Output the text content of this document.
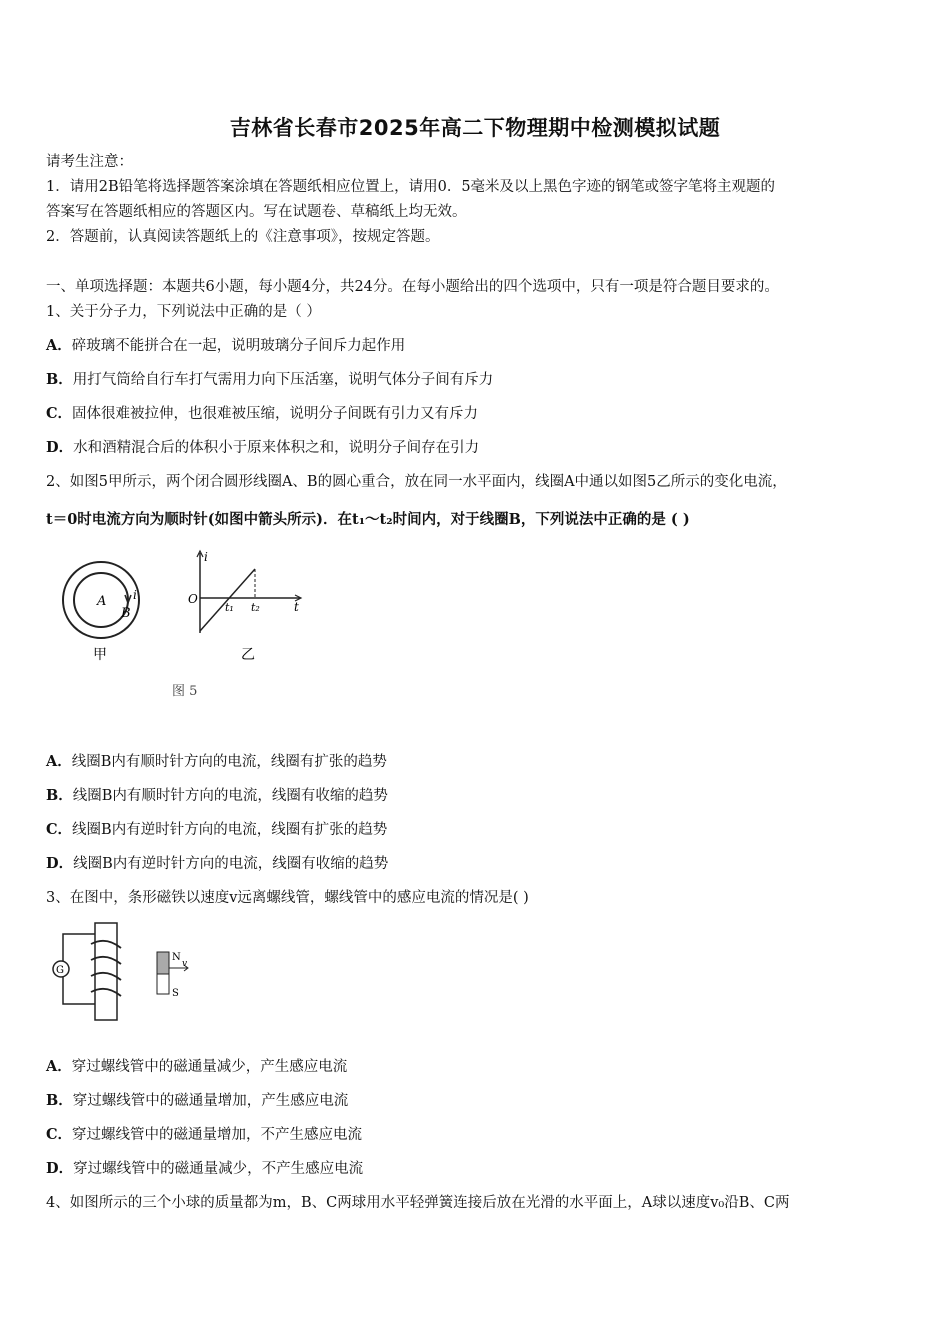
吉林省长春市2025年高二下物理期中检测模拟试题
请考生注意：
1．请用2B铅笔将选择题答案涂填在答题纸相应位置上，请用0．5毫米及以上黑色字迹的钢笔或签字笔将主观题的
答案写在答题纸相应的答题区内。写在试题卷、草稿纸上均无效。
2．答题前，认真阅读答题纸上的《注意事项》，按规定答题。
一、单项选择题：本题共6小题，每小题4分，共24分。在每小题给出的四个选项中，只有一项是符合题目要求的。
1、关于分子力，下列说法中正确的是（ ）
A．碎玻璃不能拼合在一起，说明玻璃分子间斥力起作用
B．用打气筒给自行车打气需用力向下压活塞，说明气体分子间有斥力
C．固体很难被拉伸，也很难被压缩，说明分子间既有引力又有斥力
D．水和酒精混合后的体积小于原来体积之和，说明分子间存在引力
2、如图5甲所示，两个闭合圆形线圈A、B的圆心重合，放在同一水平面内，线圈A中通以如图5乙所示的变化电流，
t＝0时电流方向为顺时针(如图中箭头所示)．在t₁～t₂时间内，对于线圈B，下列说法中正确的是 ( )
A i
B
甲
i
t
O
t₁ t₂
乙
图 5
A．线圈B内有顺时针方向的电流，线圈有扩张的趋势
B．线圈B内有顺时针方向的电流，线圈有收缩的趋势
C．线圈B内有逆时针方向的电流，线圈有扩张的趋势
D．线圈B内有逆时针方向的电流，线圈有收缩的趋势
3、在图中，条形磁铁以速度v远离螺线管，螺线管中的感应电流的情况是( )
G
N
S
v
A．穿过螺线管中的磁通量减少，产生感应电流
B．穿过螺线管中的磁通量增加，产生感应电流
C．穿过螺线管中的磁通量增加，不产生感应电流
D．穿过螺线管中的磁通量减少，不产生感应电流
4、如图所示的三个小球的质量都为m，B、C两球用水平轻弹簧连接后放在光滑的水平面上，A球以速度v₀沿B、C两
